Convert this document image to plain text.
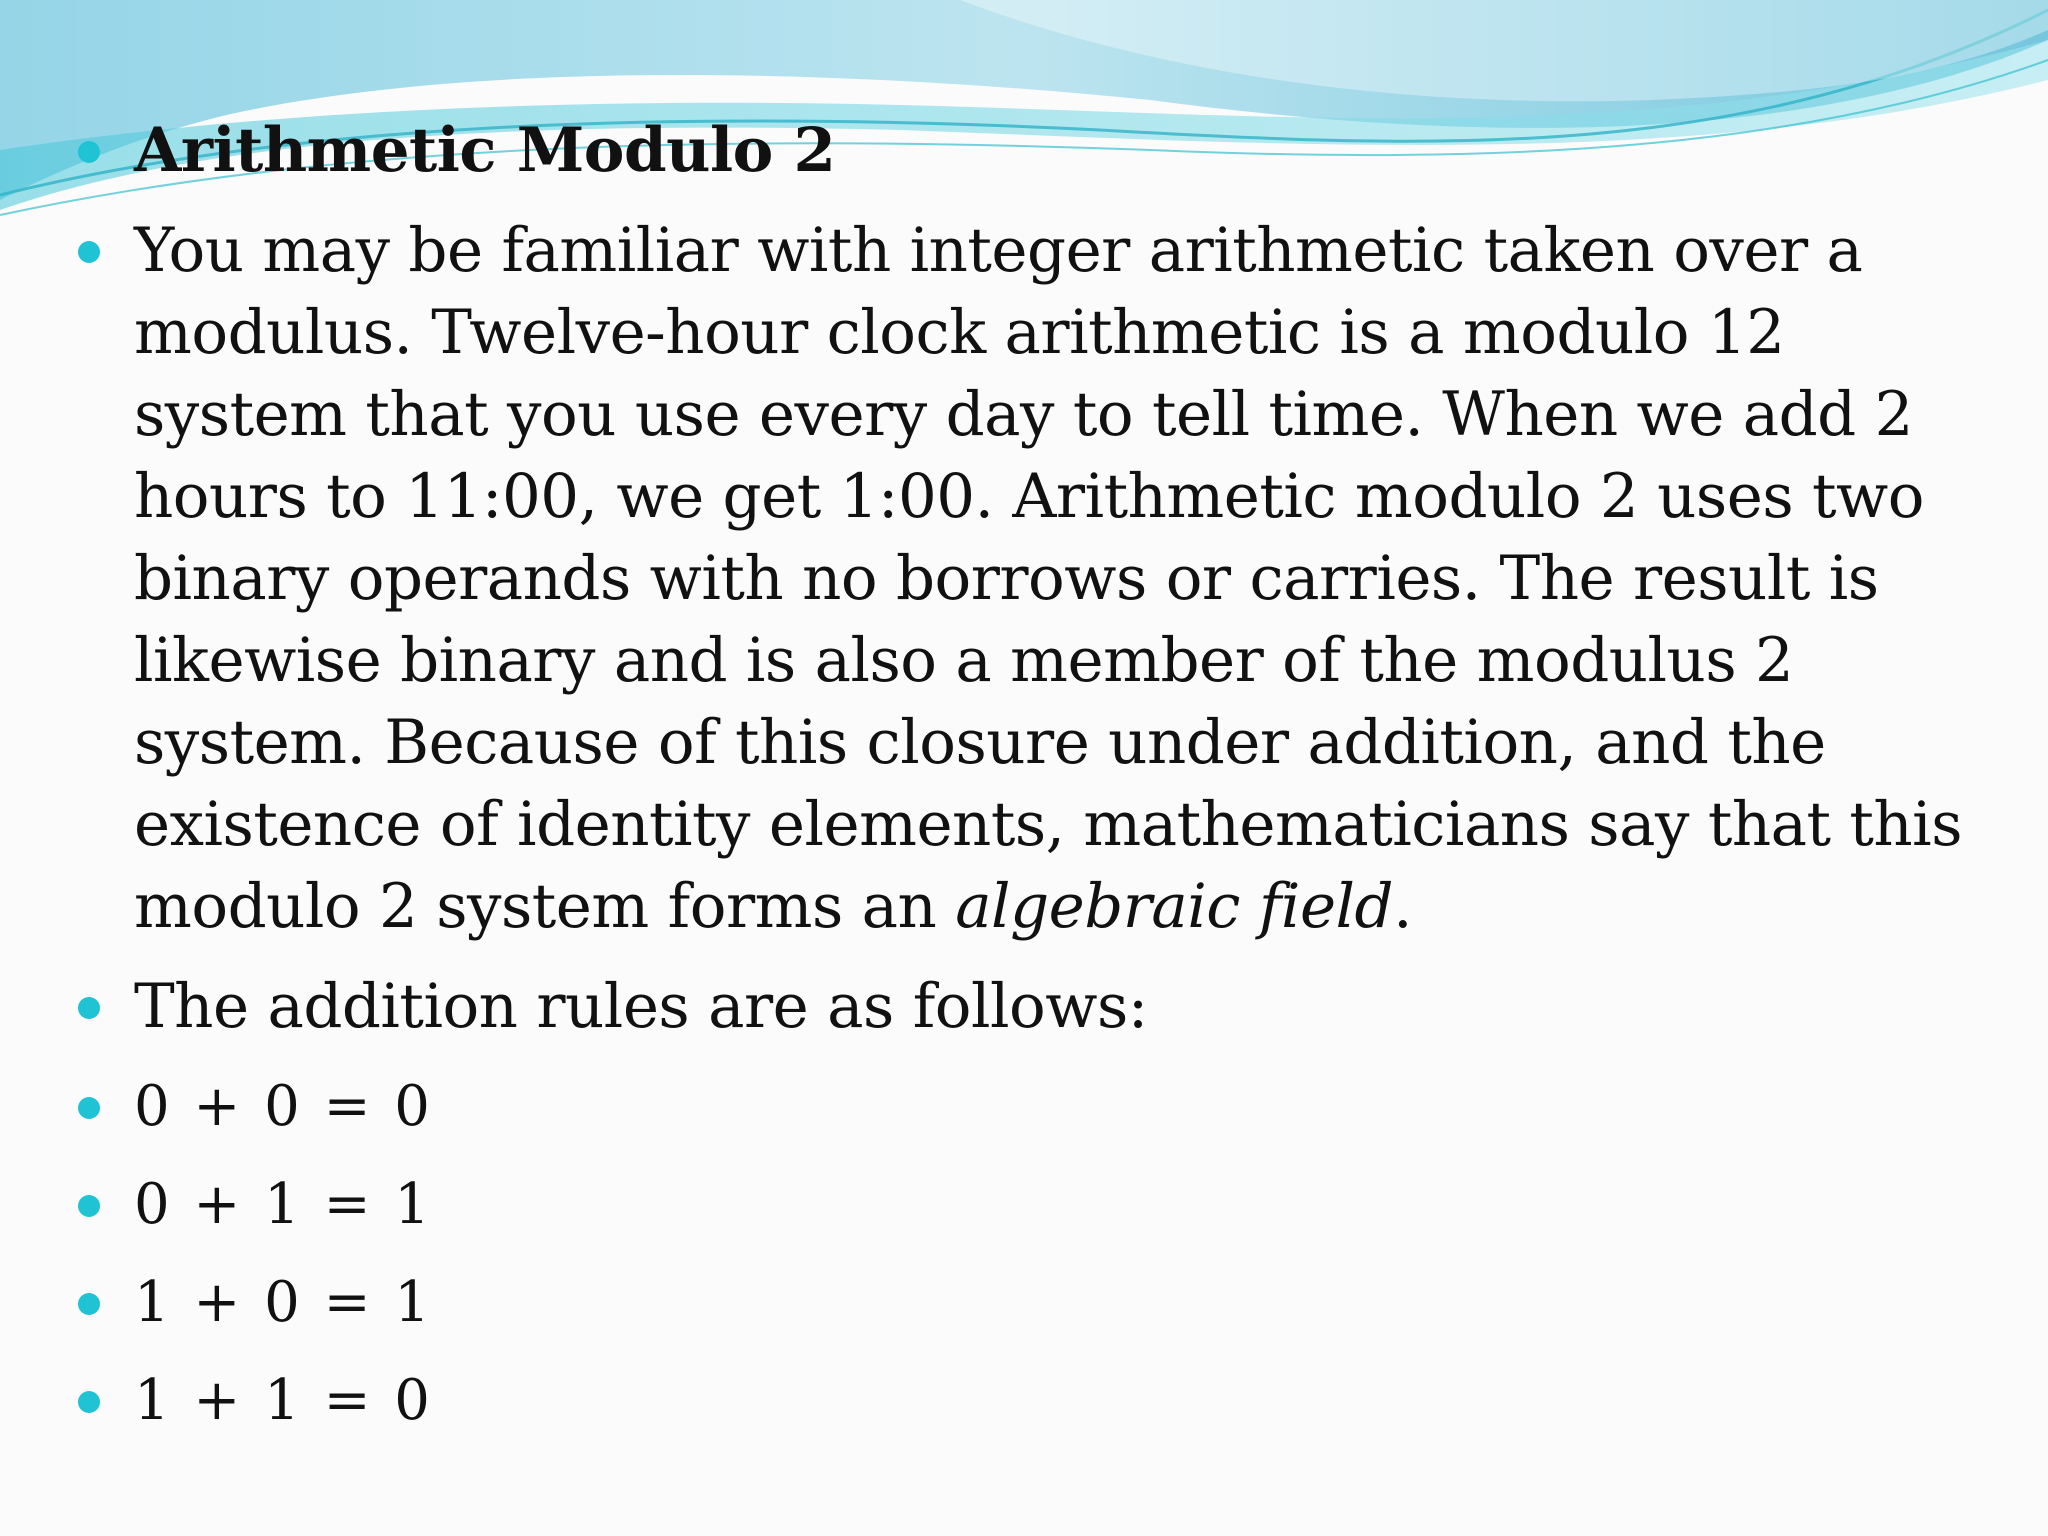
Arithmetic Modulo 2
You may be familiar with integer arithmetic taken over a modulus. Twelve-hour clock arithmetic is a modulo 12 system that you use every day to tell time. When we add 2 hours to 11:00, we get 1:00. Arithmetic modulo 2 uses two binary operands with no borrows or carries. The result is likewise binary and is also a member of the modulus 2 system. Because of this closure under addition, and the existence of identity elements, mathematicians say that this modulo 2 system forms an algebraic field.
The addition rules are as follows:
0 + 0 = 0
0 + 1 = 1
1 + 0 = 1
1 + 1 = 0
